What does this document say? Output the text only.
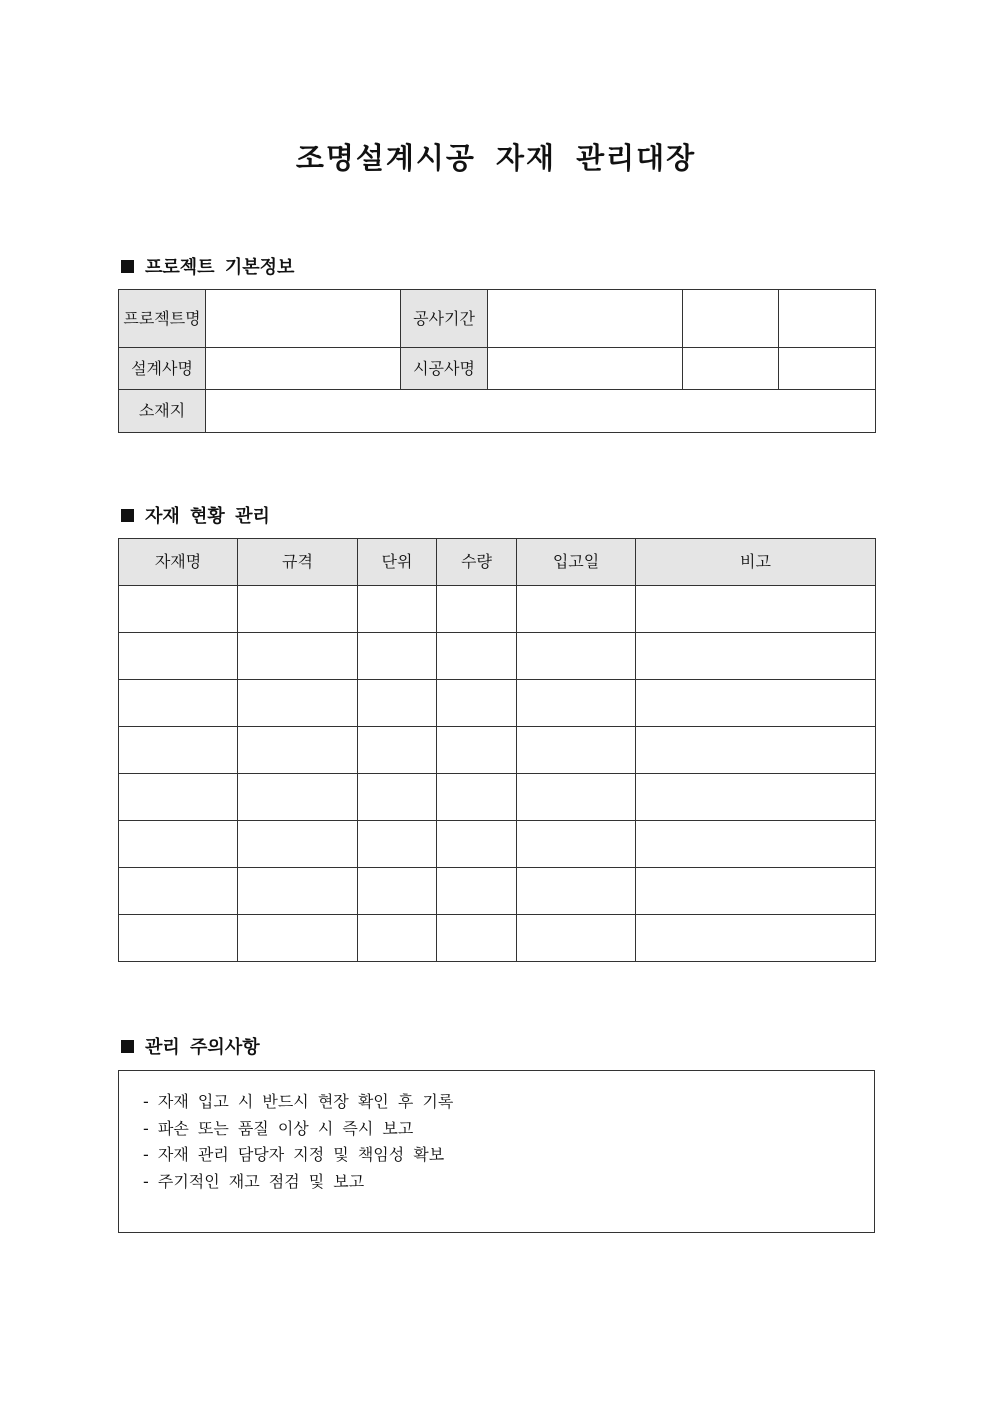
조명설계시공 자재 관리대장
프로젝트 기본정보
프로젝트명		공사기간			
설계사명		시공사명			
소재지					
자재 현황 관리
자재명	규격	단위	수량	입고일	비고

관리 주의사항
- 자재 입고 시 반드시 현장 확인 후 기록
- 파손 또는 품질 이상 시 즉시 보고
- 자재 관리 담당자 지정 및 책임성 확보
- 주기적인 재고 점검 및 보고
